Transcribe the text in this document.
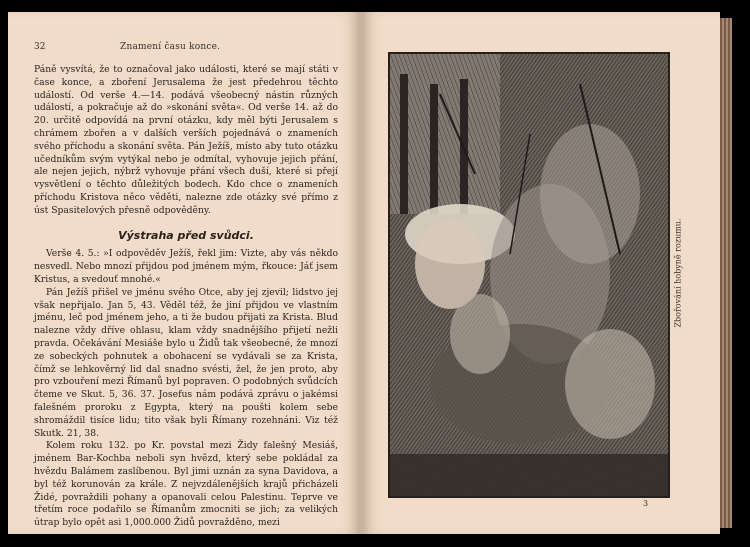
32	Znamení času konce.

Páně vysvítá, že to označoval jako události, které se mají státi v čase konce, a zboření Jerusalema že jest předehrou těchto událostí. Od verše 4.—14. podává všeobecný nástin různých událostí, a pokračuje až do »skonání světa«. Od verše 14. až do 20. určitě odpovídá na první otázku, kdy měl býti Jerusalem s chrámem zbořen a v dalších verších pojednává o znameních svého příchodu a skonání světa. Pán Ježíš, místo aby tuto otázku učedníkům svým vytýkal nebo je odmítal, vyhovuje jejich přání, ale nejen jejich, nýbrž vyhovuje přání všech duší, které si přejí vysvětlení o těchto důležitých bodech. Kdo chce o znameních příchodu Kristova něco věděti, nalezne zde otázky své přímo z úst Spasitelových přesně odpověděny.

Výstraha před svůdci.

Verše 4. 5.: »I odpověděv Ježíš, řekl jim: Vizte, aby vás někdo nesvedl. Nebo mnozí přijdou pod jménem mým, řkouce: Jáť jsem Kristus, a svedouť mnohé.«

Pán Ježíš přišel ve jménu svého Otce, aby jej zjevil; lidstvo jej však nepřijalo. Jan 5, 43. Věděl též, že jiní přijdou ve vlastním jménu, leč pod jménem jeho, a ti že budou přijati za Krista. Blud nalezne vždy dříve ohlasu, klam vždy snadnějšího přijetí nežli pravda. Očekávání Mesiáše bylo u Židů tak všeobecné, že mnozí ze sobeckých pohnutek a obohacení se vydávali se za Krista, čímž se lehkověrný lid dal snadno svésti, žel, že jen proto, aby pro vzbouření mezi Římanů byl popraven. O podobných svůdcích čteme ve Skut. 5, 36. 37. Josefus nám podává zprávu o jakémsi falešném proroku z Egypta, který na poušti kolem sebe shromáždil tisíce lidu; tito však byli Římany rozehnáni. Viz též Skutk. 21, 38.

Kolem roku 132. po Kr. povstal mezi Židy falešný Mesiáš, jménem Bar-Kochba neboli syn hvězd, který sebe pokládal za hvězdu Balámem zaslíbenou. Byl jimi uznán za syna Davidova, a byl též korunován za krále. Z nejvzdálenějších krajů přicházeli Židé, povraždili pohany a opanovali celou Palestinu. Teprve ve třetím roce podařilo se Římanům zmocniti se jich; za velikých útrap bylo opět asi 1,000.000 Židů povražděno, mezi

Zbořování hobyně rozumu.
3
